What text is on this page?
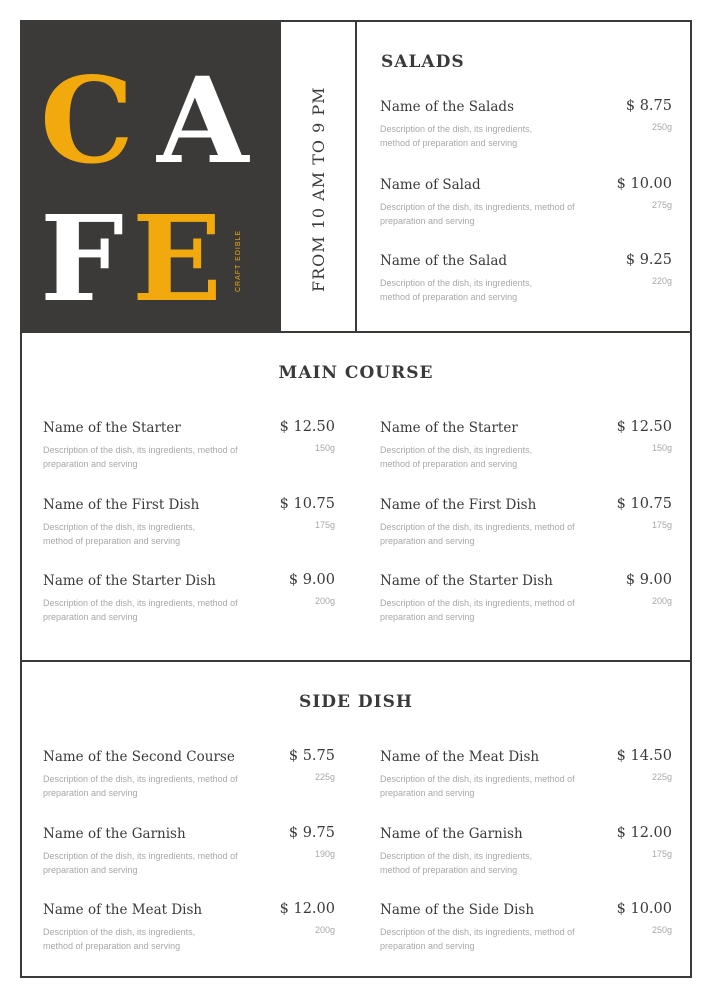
C A
F E CRAFT EDIBLE	FROM 10 AM TO 9 PM
SALADS
Name of the Salads	$ 8.75
Description of the dish, its ingredients, method of preparation and serving
250g
Name of Salad	$ 10.00
Description of the dish, its ingredients, method of preparation and serving
275g
Name of the Salad	$ 9.25
Description of the dish, its ingredients, method of preparation and serving
220g
MAIN COURSE
Name of the Starter	$ 12.50
Description of the dish, its ingredients, method of preparation and serving
150g
Name of the First Dish	$ 10.75
Description of the dish, its ingredients, method of preparation and serving
175g
Name of the Starter Dish	$ 9.00
Description of the dish, its ingredients, method of preparation and serving
200g
Name of the Starter	$ 12.50
Description of the dish, its ingredients, method of preparation and serving
150g
Name of the First Dish	$ 10.75
Description of the dish, its ingredients, method of preparation and serving
175g
Name of the Starter Dish	$ 9.00
Description of the dish, its ingredients, method of preparation and serving
200g
SIDE DISH
Name of the Second Course	$ 5.75
Description of the dish, its ingredients, method of preparation and serving
225g
Name of the Garnish	$ 9.75
Description of the dish, its ingredients, method of preparation and serving
190g
Name of the Meat Dish	$ 12.00
Description of the dish, its ingredients, method of preparation and serving
200g
Name of the Meat Dish	$ 14.50
Description of the dish, its ingredients, method of preparation and serving
225g
Name of the Garnish	$ 12.00
Description of the dish, its ingredients, method of preparation and serving
175g
Name of the Side Dish	$ 10.00
Description of the dish, its ingredients, method of preparation and serving
250g
